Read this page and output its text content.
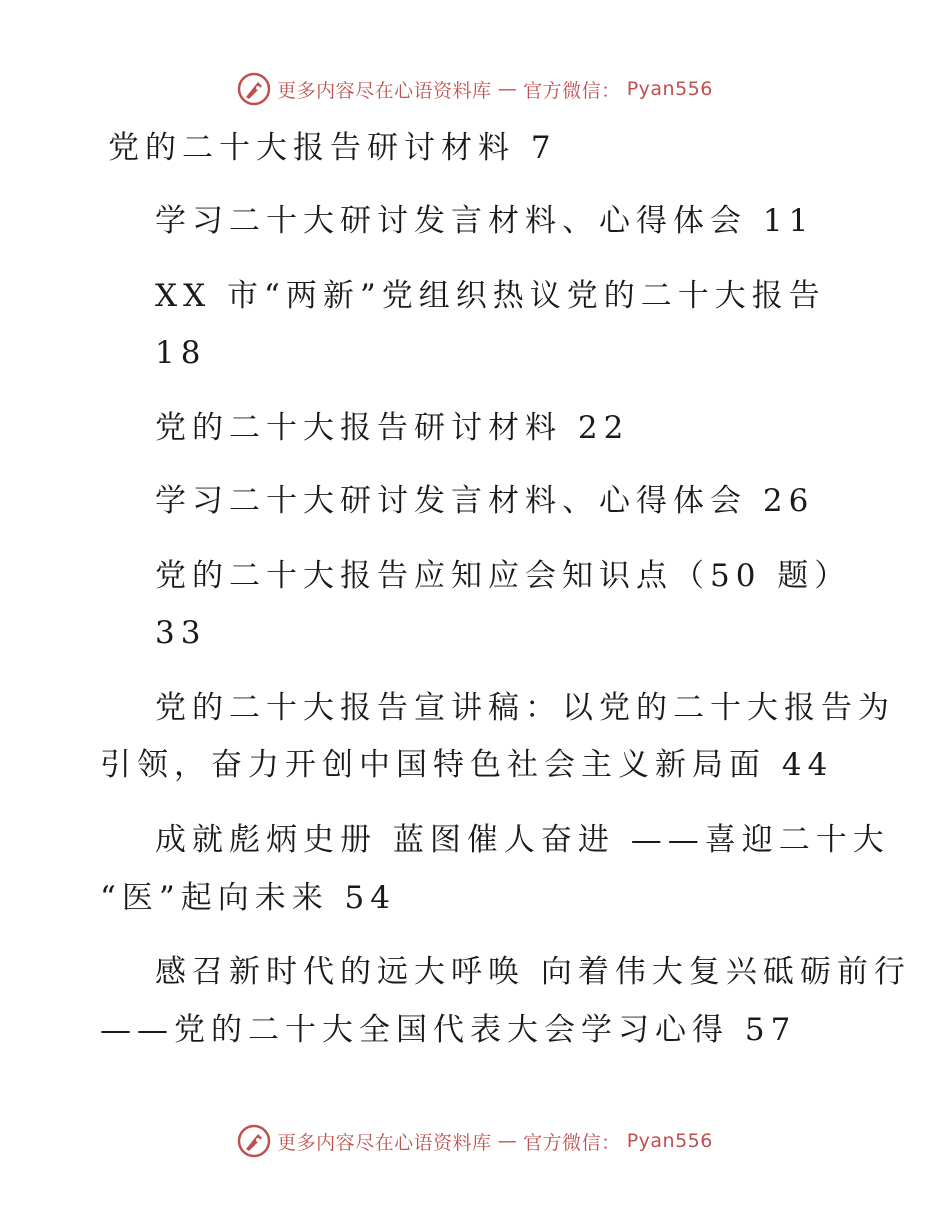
更多内容尽在心语资料库 — 官方微信： Pyan556
党的二十大报告研讨材料 7
学习二十大研讨发言材料、心得体会 11
XX 市“两新”党组织热议党的二十大报告
18
党的二十大报告研讨材料 22
学习二十大研讨发言材料、心得体会 26
党的二十大报告应知应会知识点（50 题）
33
党的二十大报告宣讲稿：以党的二十大报告为
引领，奋力开创中国特色社会主义新局面 44
成就彪炳史册 蓝图催人奋进 ——喜迎二十大
“医”起向未来 54
感召新时代的远大呼唤 向着伟大复兴砥砺前行
——党的二十大全国代表大会学习心得 57
更多内容尽在心语资料库 — 官方微信： Pyan556
